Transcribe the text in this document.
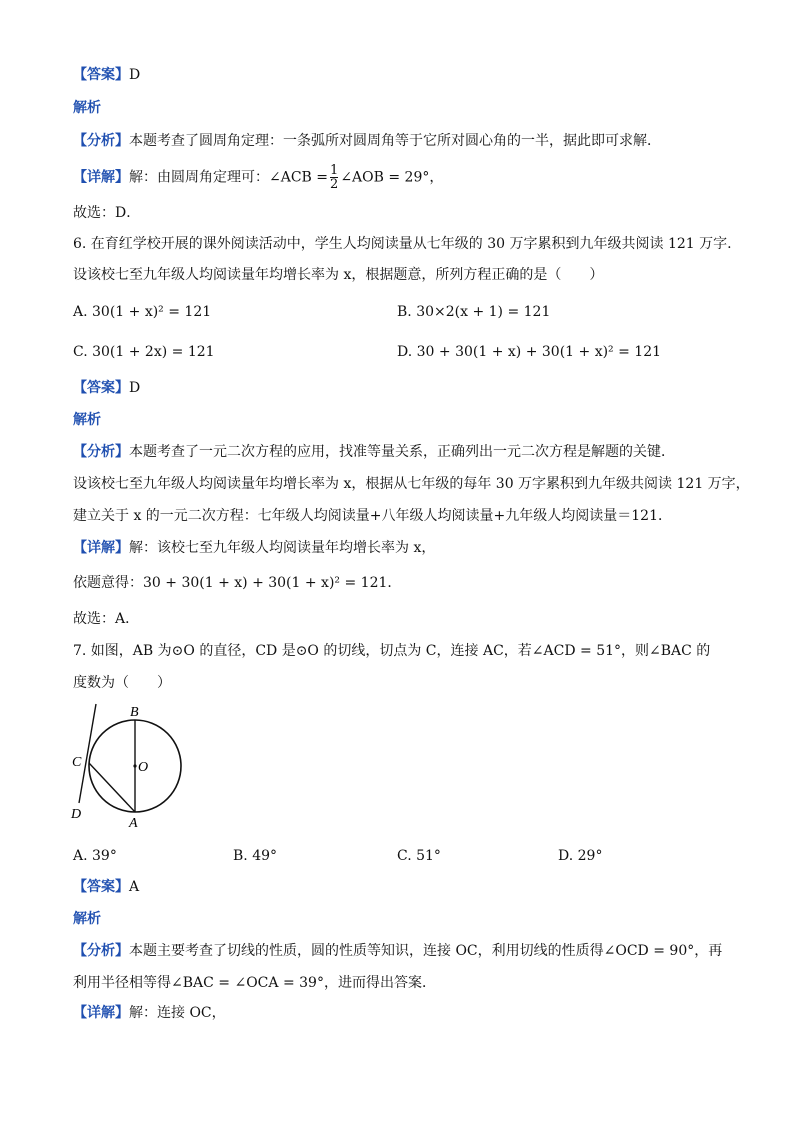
【答案】D
解析
【分析】本题考查了圆周角定理：一条弧所对圆周角等于它所对圆心角的一半，据此即可求解．
【详解】解：由圆周角定理可：∠ACB = $\frac{1}{2}$ ∠AOB = 29°，
故选：D．
6. 在育红学校开展的课外阅读活动中，学生人均阅读量从七年级的 30 万字累积到九年级共阅读 121 万字.
设该校七至九年级人均阅读量年均增长率为 x，根据题意，所列方程正确的是（　　）
A. 30(1 + x)² = 121	B. 30×2(x + 1) = 121
C. 30(1 + 2x) = 121	D. 30 + 30(1 + x) + 30(1 + x)² = 121
【答案】D
解析
【分析】本题考查了一元二次方程的应用，找准等量关系，正确列出一元二次方程是解题的关键．
设该校七至九年级人均阅读量年均增长率为 x，根据从七年级的每年 30 万字累积到九年级共阅读 121 万字，
建立关于 x 的一元二次方程：七年级人均阅读量+八年级人均阅读量+九年级人均阅读量＝121．
【详解】解：该校七至九年级人均阅读量年均增长率为 x，
依题意得：30 + 30(1 + x) + 30(1 + x)² = 121．
故选：A．
7. 如图，AB 为⊙O 的直径，CD 是⊙O 的切线，切点为 C，连接 AC，若∠ACD = 51°，则∠BAC 的
度数为（　　）
B
C	O
D
A
A. 39°	B. 49°	C. 51°	D. 29°
【答案】A
解析
【分析】本题主要考查了切线的性质，圆的性质等知识，连接 OC，利用切线的性质得∠OCD = 90°，再
利用半径相等得∠BAC = ∠OCA = 39°，进而得出答案．
【详解】解：连接 OC，
